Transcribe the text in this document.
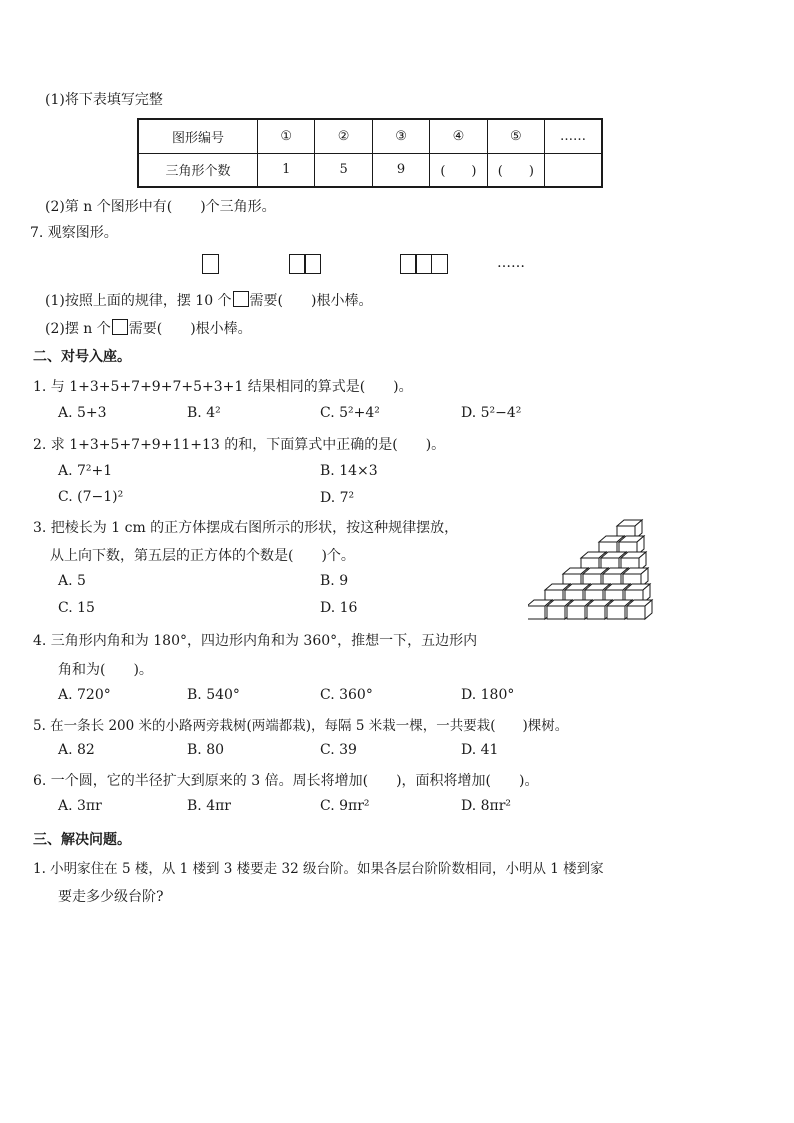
(1)将下表填写完整
图形编号	①	②	③	④	⑤	……
三角形个数	1	5	9	(　　)	(　　)	
(2)第 n 个图形中有(　　)个三角形。
7. 观察图形。
……
(1)按照上面的规律，摆 10 个 需要(　　)根小棒。
(2)摆 n 个 需要(　　)根小棒。
二、对号入座。
1. 与 1+3+5+7+9+7+5+3+1 结果相同的算式是(　　)。
A. 5+3	B. 4²	C. 5²+4²	D. 5²−4²
2. 求 1+3+5+7+9+11+13 的和，下面算式中正确的是(　　)。
A. 7²+1	B. 14×3
C. (7−1)²	D. 7²
3. 把棱长为 1 cm 的正方体摆成右图所示的形状，按这种规律摆放，
从上向下数，第五层的正方体的个数是(　　)个。
A. 5	B. 9
C. 15	D. 16
4. 三角形内角和为 180°，四边形内角和为 360°，推想一下，五边形内
角和为(　　)。
A. 720°	B. 540°	C. 360°	D. 180°
5. 在一条长 200 米的小路两旁栽树(两端都栽)，每隔 5 米栽一棵，一共要栽(　　)棵树。
A. 82	B. 80	C. 39	D. 41
6. 一个圆，它的半径扩大到原来的 3 倍。周长将增加(　　)，面积将增加(　　)。
A. 3πr	B. 4πr	C. 9πr²	D. 8πr²
三、解决问题。
1. 小明家住在 5 楼，从 1 楼到 3 楼要走 32 级台阶。如果各层台阶阶数相同，小明从 1 楼到家
要走多少级台阶?
